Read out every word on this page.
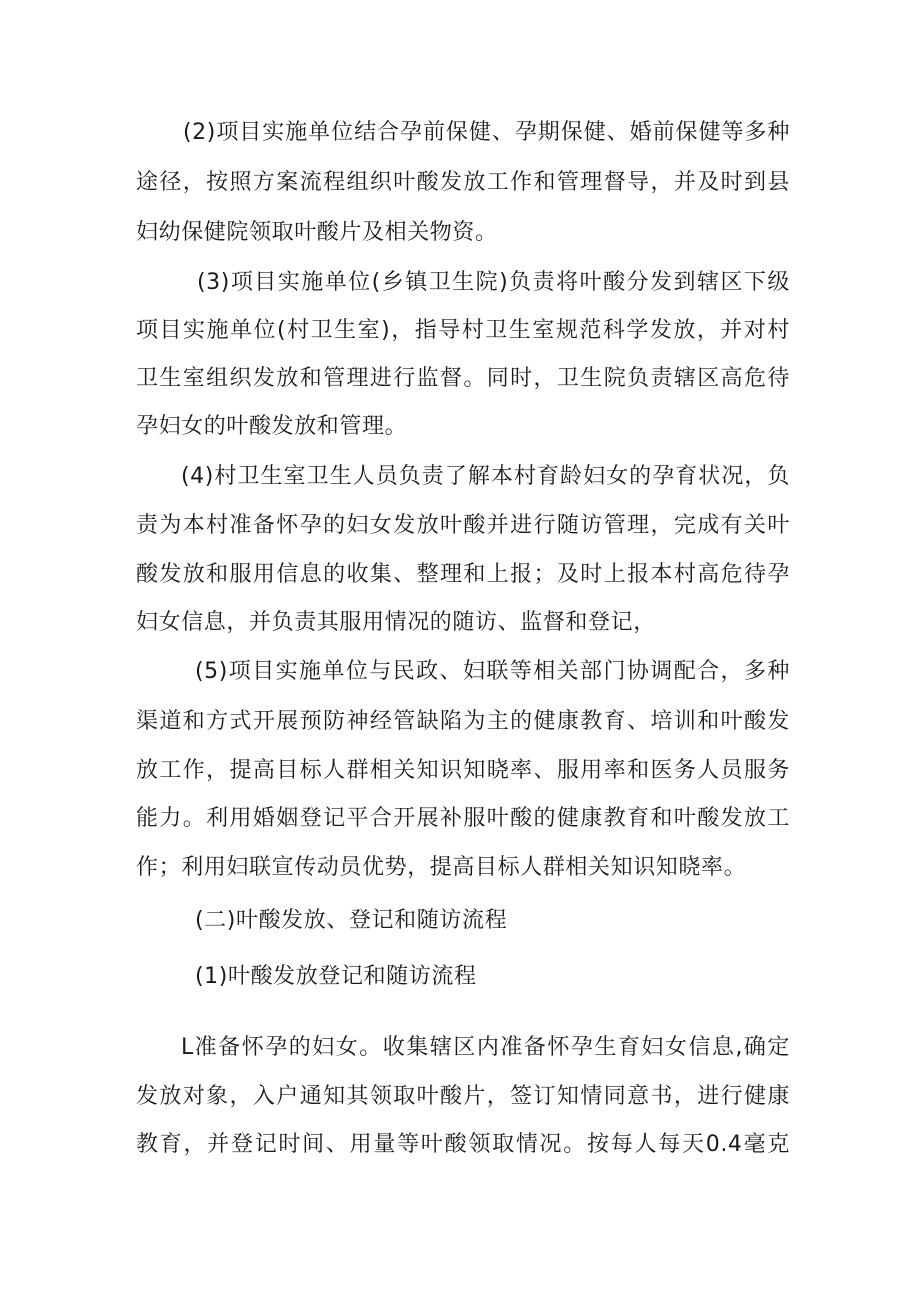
(2)项目实施单位结合孕前保健、孕期保健、婚前保健等多种
途径，按照方案流程组织叶酸发放工作和管理督导，并及时到县
妇幼保健院领取叶酸片及相关物资。
(3)项目实施单位(乡镇卫生院)负责将叶酸分发到辖区下级
项目实施单位(村卫生室)，指导村卫生室规范科学发放，并对村
卫生室组织发放和管理进行监督。同时，卫生院负责辖区高危待
孕妇女的叶酸发放和管理。
(4)村卫生室卫生人员负责了解本村育龄妇女的孕育状况，负
责为本村准备怀孕的妇女发放叶酸并进行随访管理，完成有关叶
酸发放和服用信息的收集、整理和上报；及时上报本村高危待孕
妇女信息，并负责其服用情况的随访、监督和登记，
(5)项目实施单位与民政、妇联等相关部门协调配合，多种
渠道和方式开展预防神经管缺陷为主的健康教育、培训和叶酸发
放工作，提高目标人群相关知识知晓率、服用率和医务人员服务
能力。利用婚姻登记平合开展补服叶酸的健康教育和叶酸发放工
作；利用妇联宣传动员优势，提高目标人群相关知识知晓率。
(二)叶酸发放、登记和随访流程
(1)叶酸发放登记和随访流程
L准备怀孕的妇女。收集辖区内准备怀孕生育妇女信息,确定
发放对象，入户通知其领取叶酸片，签订知情同意书，进行健康
教育，并登记时间、用量等叶酸领取情况。按每人每天0.4毫克
